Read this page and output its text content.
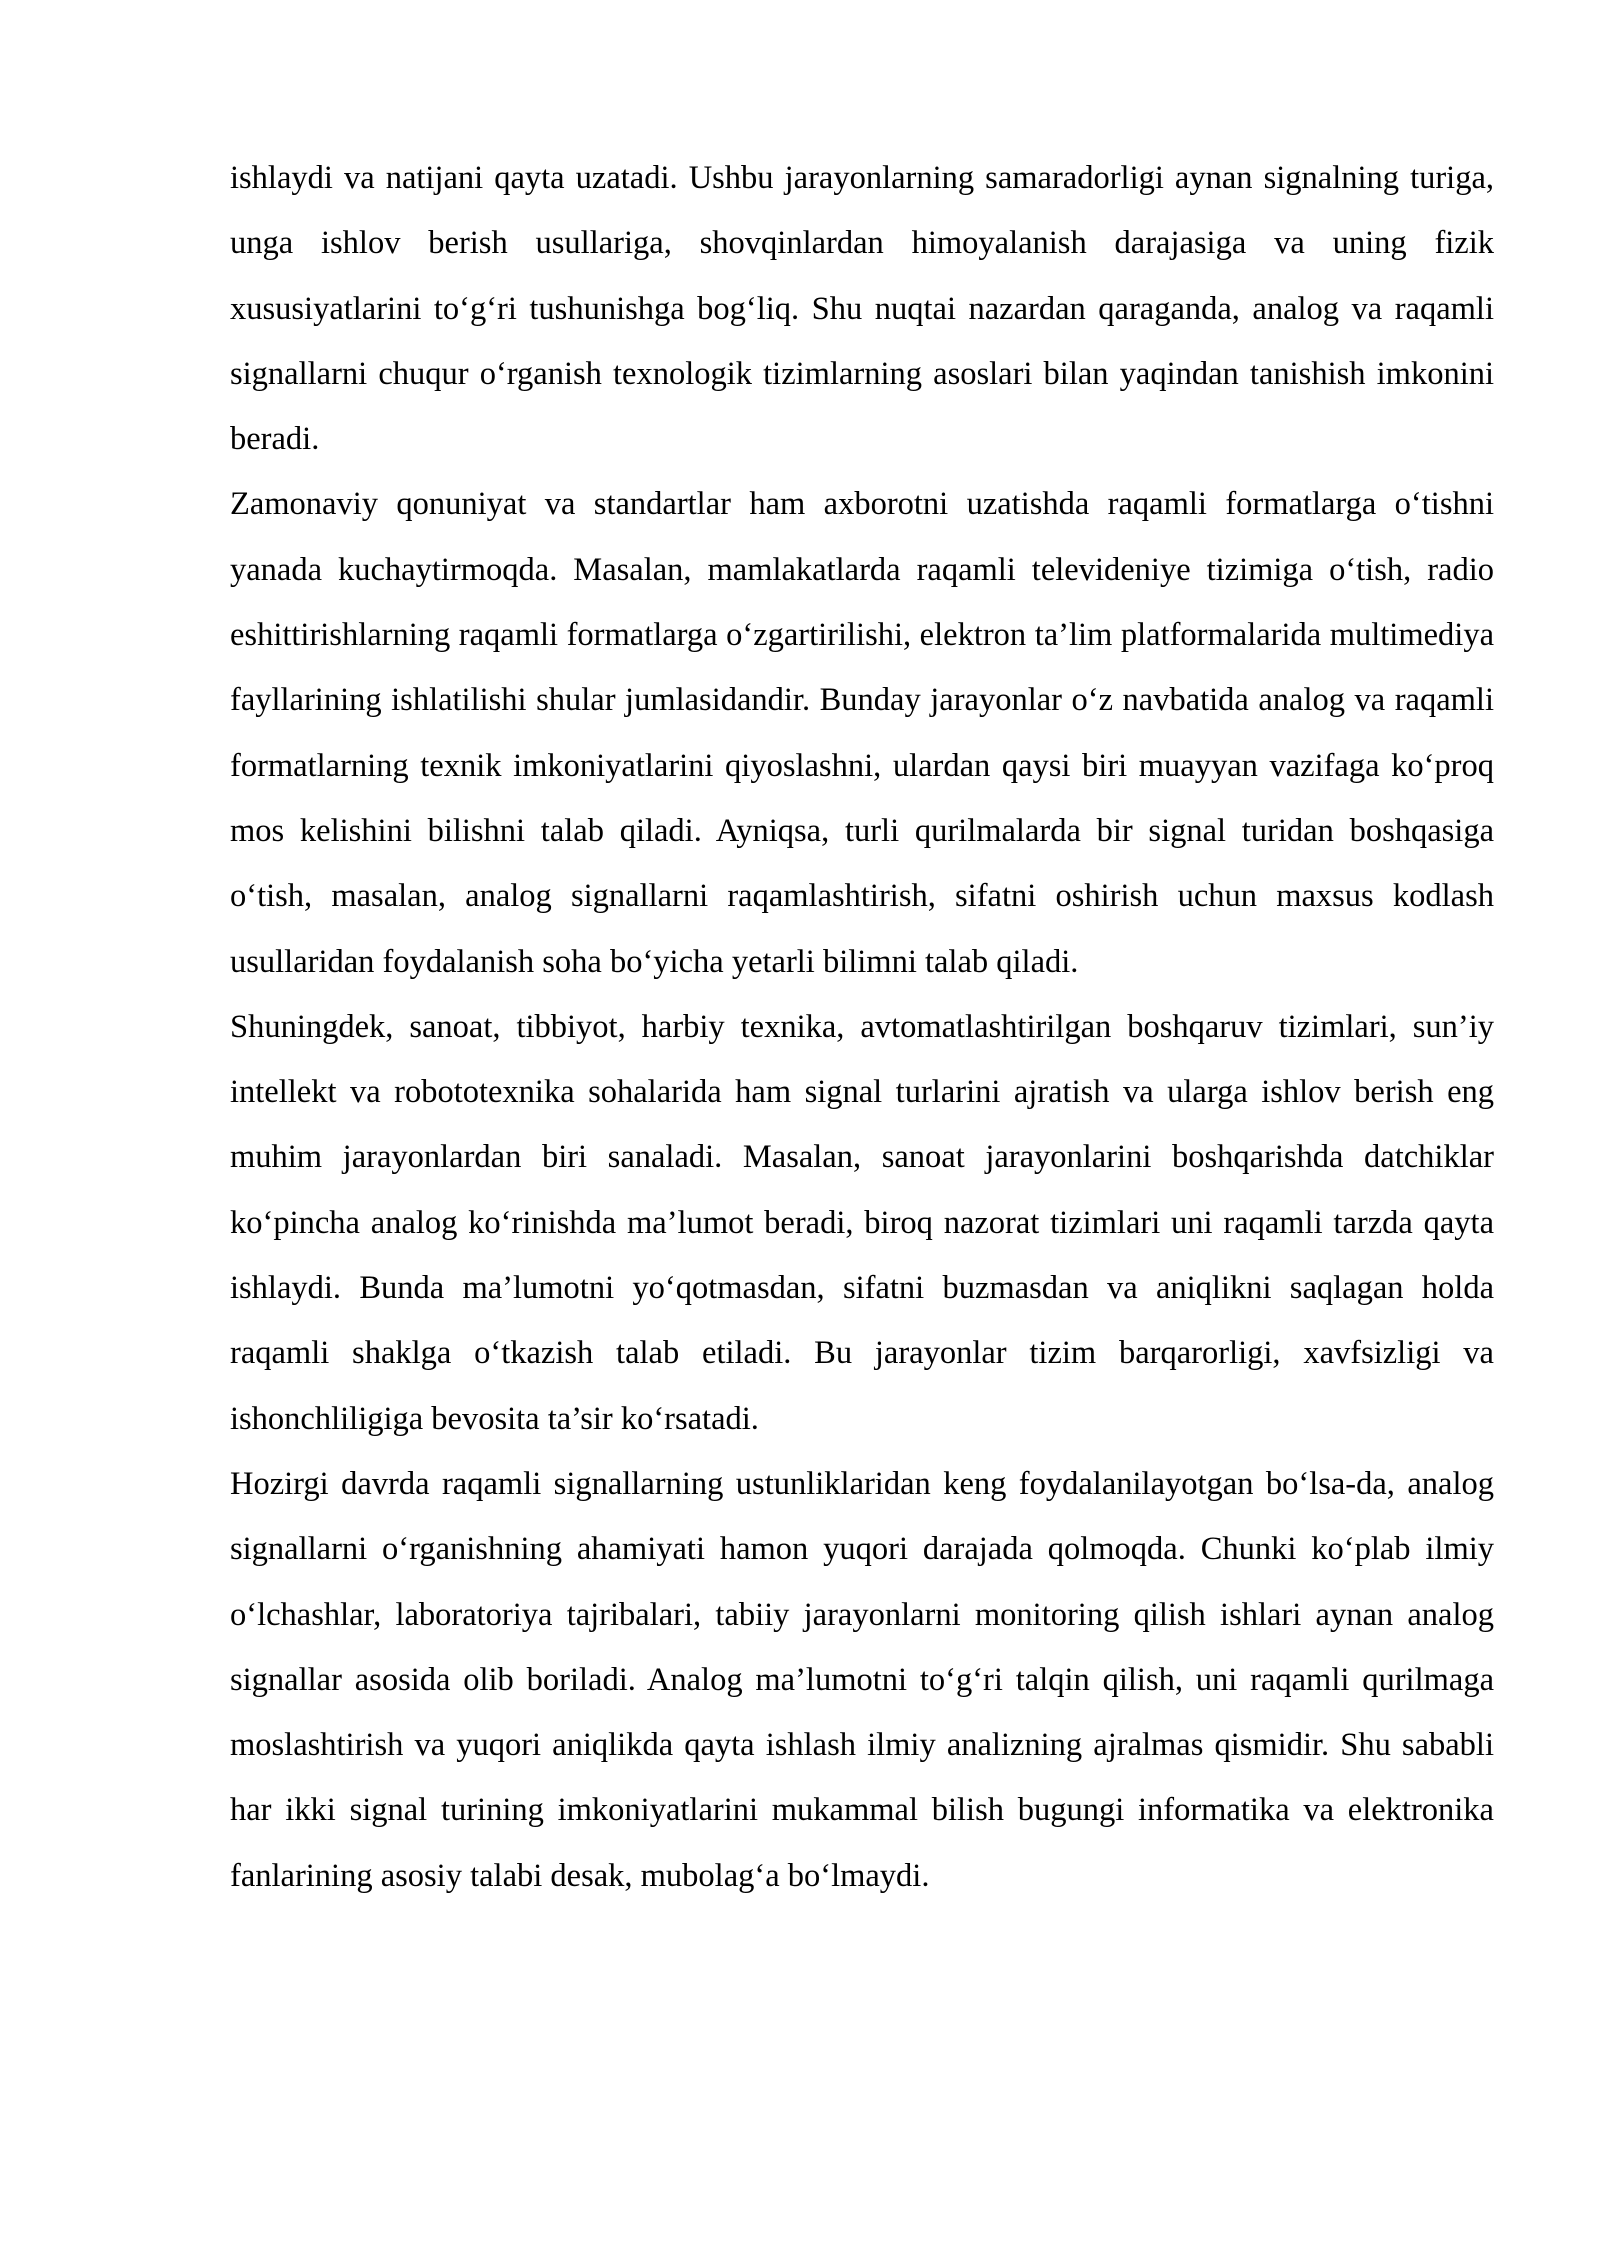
ishlaydi va natijani qayta uzatadi. Ushbu jarayonlarning samaradorligi aynan signalning turiga, unga ishlov berish usullariga, shovqinlardan himoyalanish darajasiga va uning fizik xususiyatlarini to‘g‘ri tushunishga bog‘liq. Shu nuqtai nazardan qaraganda, analog va raqamli signallarni chuqur o‘rganish texnologik tizimlarning asoslari bilan yaqindan tanishish imkonini beradi.

Zamonaviy qonuniyat va standartlar ham axborotni uzatishda raqamli formatlarga o‘tishni yanada kuchaytirmoqda. Masalan, mamlakatlarda raqamli televideniye tizimiga o‘tish, radio eshittirishlarning raqamli formatlarga o‘zgartirilishi, elektron ta’lim platformalarida multimediya fayllarining ishlatilishi shular jumlasidandir. Bunday jarayonlar o‘z navbatida analog va raqamli formatlarning texnik imkoniyatlarini qiyoslashni, ulardan qaysi biri muayyan vazifaga ko‘proq mos kelishini bilishni talab qiladi. Ayniqsa, turli qurilmalarda bir signal turidan boshqasiga o‘tish, masalan, analog signallarni raqamlashtirish, sifatni oshirish uchun maxsus kodlash usullaridan foydalanish soha bo‘yicha yetarli bilimni talab qiladi.

Shuningdek, sanoat, tibbiyot, harbiy texnika, avtomatlashtirilgan boshqaruv tizimlari, sun’iy intellekt va robototexnika sohalarida ham signal turlarini ajratish va ularga ishlov berish eng muhim jarayonlardan biri sanaladi. Masalan, sanoat jarayonlarini boshqarishda datchiklar ko‘pincha analog ko‘rinishda ma’lumot beradi, biroq nazorat tizimlari uni raqamli tarzda qayta ishlaydi. Bunda ma’lumotni yo‘qotmasdan, sifatni buzmasdan va aniqlikni saqlagan holda raqamli shaklga o‘tkazish talab etiladi. Bu jarayonlar tizim barqarorligi, xavfsizligi va ishonchliligiga bevosita ta’sir ko‘rsatadi.

Hozirgi davrda raqamli signallarning ustunliklaridan keng foydalanilayotgan bo‘lsa-da, analog signallarni o‘rganishning ahamiyati hamon yuqori darajada qolmoqda. Chunki ko‘plab ilmiy o‘lchashlar, laboratoriya tajribalari, tabiiy jarayonlarni monitoring qilish ishlari aynan analog signallar asosida olib boriladi. Analog ma’lumotni to‘g‘ri talqin qilish, uni raqamli qurilmaga moslashtirish va yuqori aniqlikda qayta ishlash ilmiy analizning ajralmas qismidir. Shu sababli har ikki signal turining imkoniyatlarini mukammal bilish bugungi informatika va elektronika fanlarining asosiy talabi desak, mubolag‘a bo‘lmaydi.
